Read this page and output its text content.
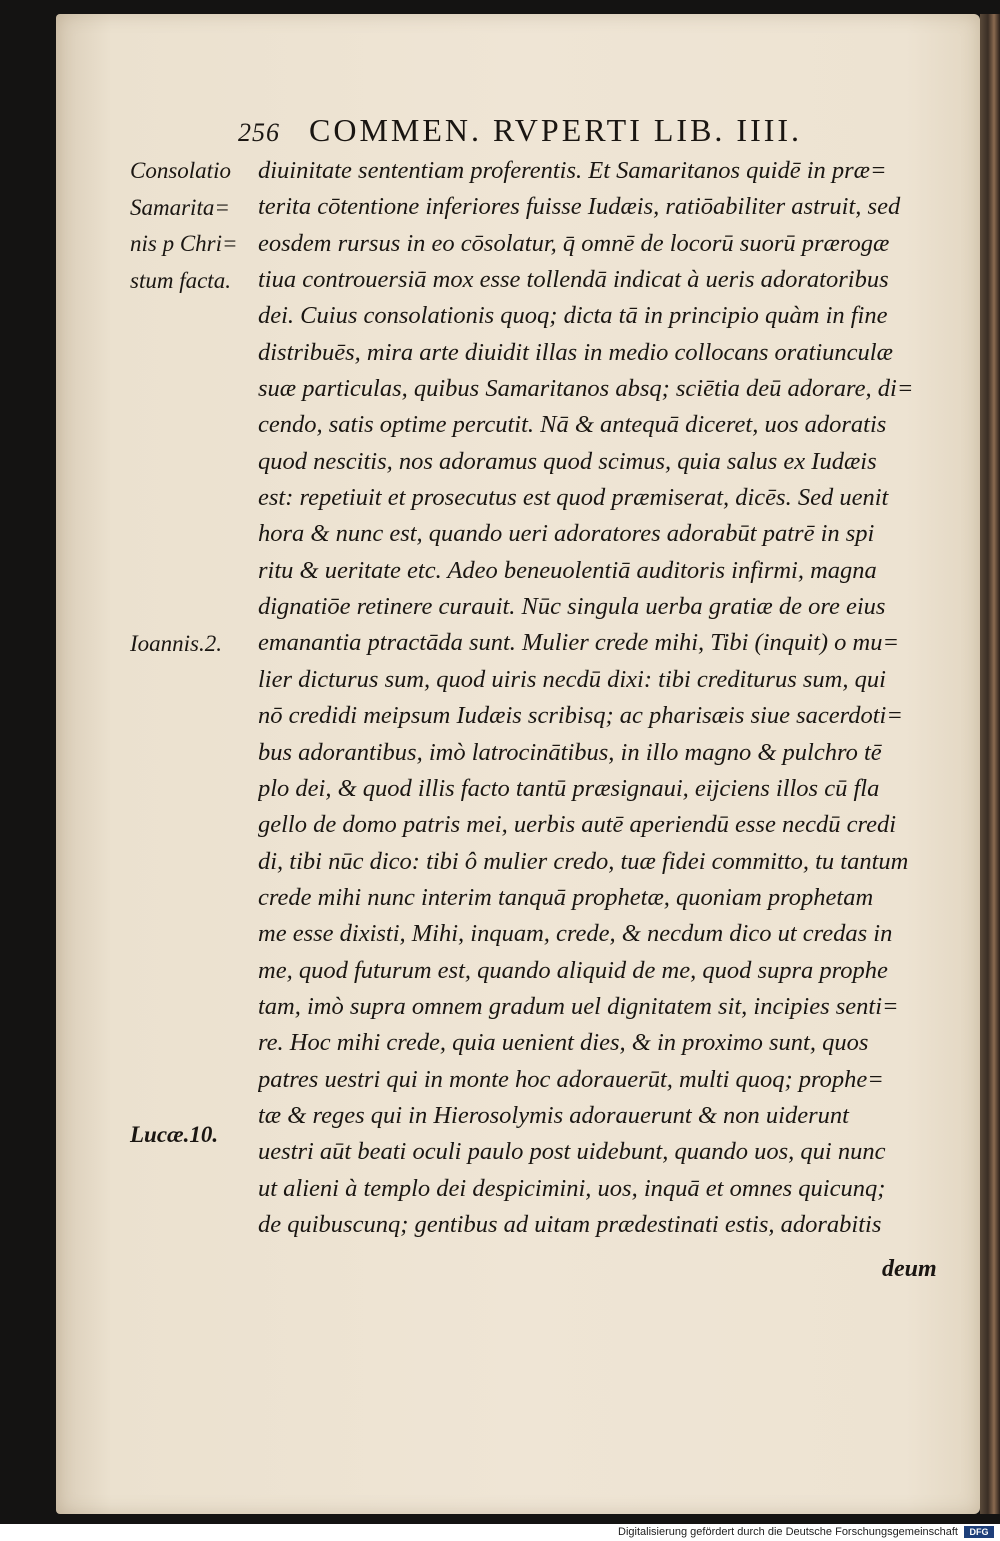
256 COMMEN. RVPERTI LIB. IIII.
Consolatio
Samarita=
nis p Chri=
stum facta.
Ioannis.2.
Lucæ.10.
diuinitate sententiam proferentis. Et Samaritanos quidē in præ=
terita cōtentione inferiores fuisse Iudæis, ratiōabiliter astruit, sed
eosdem rursus in eo cōsolatur, q̄ omnē de locorū suorū prærogæ
tiua controuersiā mox esse tollendā indicat à ueris adoratoribus
dei. Cuius consolationis quoq; dicta tā in principio quàm in fine
distribuēs, mira arte diuidit illas in medio collocans oratiunculæ
suæ particulas, quibus Samaritanos absq; sciētia deū adorare, di=
cendo, satis optime percutit. Nā & antequā diceret, uos adoratis
quod nescitis, nos adoramus quod scimus, quia salus ex Iudæis
est: repetiuit et prosecutus est quod præmiserat, dicēs. Sed uenit
hora & nunc est, quando ueri adoratores adorabūt patrē in spi
ritu & ueritate etc. Adeo beneuolentiā auditoris infirmi, magna
dignatiōe retinere curauit. Nūc singula uerba gratiæ de ore eius
emanantia ptractāda sunt. Mulier crede mihi, Tibi (inquit) o mu=
lier dicturus sum, quod uiris necdū dixi: tibi crediturus sum, qui
nō credidi meipsum Iudæis scribisq; ac pharisæis siue sacerdoti=
bus adorantibus, imò latrocinātibus, in illo magno & pulchro tē
plo dei, & quod illis facto tantū præsignaui, eijciens illos cū fla
gello de domo patris mei, uerbis autē aperiendū esse necdū credi
di, tibi nūc dico: tibi ô mulier credo, tuæ fidei committo, tu tantum
crede mihi nunc interim tanquā prophetæ, quoniam prophetam
me esse dixisti, Mihi, inquam, crede, & necdum dico ut credas in
me, quod futurum est, quando aliquid de me, quod supra prophe
tam, imò supra omnem gradum uel dignitatem sit, incipies senti=
re. Hoc mihi crede, quia uenient dies, & in proximo sunt, quos
patres uestri qui in monte hoc adorauerūt, multi quoq; prophe=
tæ & reges qui in Hierosolymis adorauerunt & non uiderunt
uestri aūt beati oculi paulo post uidebunt, quando uos, qui nunc
ut alieni à templo dei despicimini, uos, inquā et omnes quicunq;
de quibuscunq; gentibus ad uitam prædestinati estis, adorabitis
deum
Digitalisierung gefördert durch die Deutsche Forschungsgemeinschaft	DFG
